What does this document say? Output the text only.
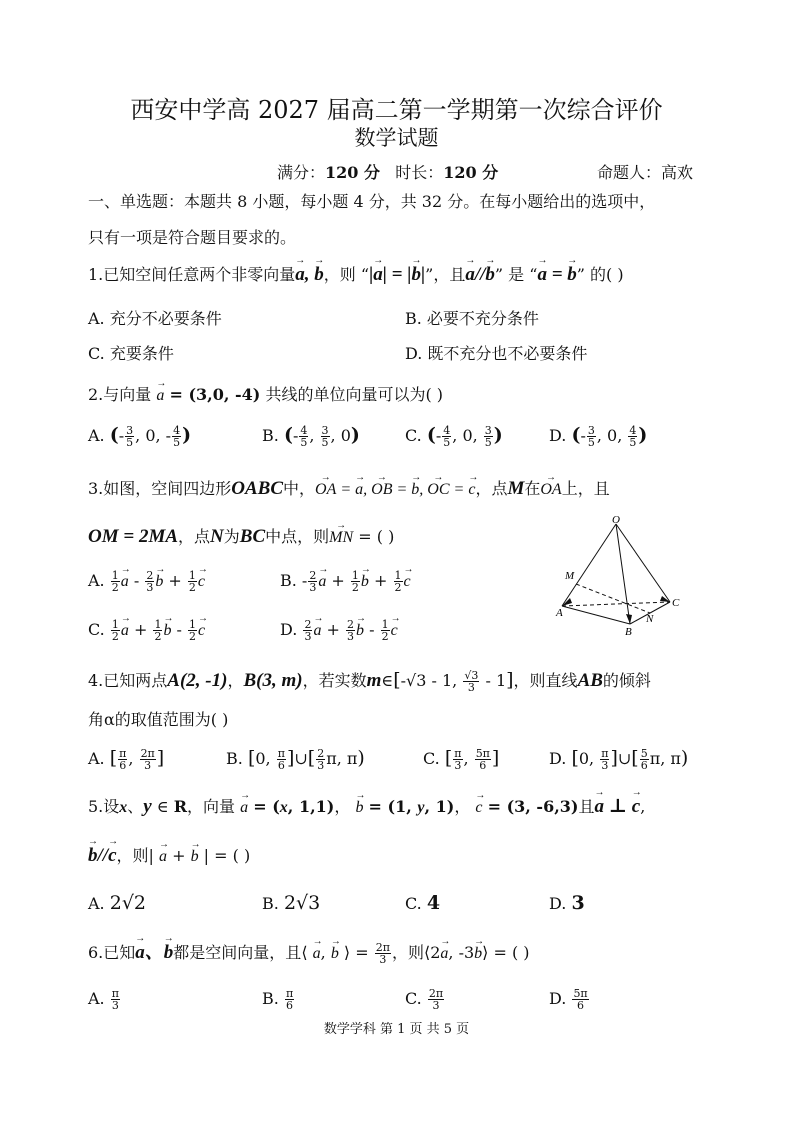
西安中学高 2027 届高二第一学期第一次综合评价
数学试题
满分：120 分 时长：120 分	命题人：高欢
一、单选题：本题共 8 小题，每小题 4 分，共 32 分。在每小题给出的选项中，
只有一项是符合题目要求的。
1.已知空间任意两个非零向量→ a, → b，则 “|→ a| = |→ b|”，且→ a//→ b” 是 “→ a = → b” 的( )
A. 充分不必要条件	B. 必要不充分条件
C. 充要条件	D. 既不充分也不必要条件
2.与向量 → a = (3,0, -4) 共线的单位向量可以为( )
A. (- $\frac{3}{5}$ , 0, - $\frac{4}{5}$ )	B. (- $\frac{4}{5}$ , $\frac{3}{5}$ , 0)	C. (- $\frac{4}{5}$ , 0, $\frac{3}{5}$ )	D. (- $\frac{3}{5}$ , 0, $\frac{4}{5}$ )
3.如图，空间四边形OABC中，→ OA = → a, → OB = → b, → OC = → c，点M在→ OA上，且
OM = 2MA，点N为BC中点，则→ MN = ( )
A. $\frac{1}{2}$
→ a - $\frac{2}{3}$
→ $b + \frac{1}{2}$
→ c	B. - $\frac{2}{3}$
→ $a + \frac{1}{2}$
→ $b + \frac{1}{2}$
→ c
C. $\frac{1}{2}$
→ $a + \frac{1}{2}$
→ b - $\frac{1}{2}$
→ c	D. $\frac{2}{3}$
→ $a + \frac{2}{3}$
→ b - $\frac{1}{2}$
→ c
O
M
A
B
N
C
4.已知两点A(2, -1)，B(3, m)，若实数m∈[-√3 - 1, $\frac{√3}{3} - 1$]，则直线AB的倾斜
角α的取值范围为( )
A. [ $\frac{\pi}{6}$ , $\frac{2\pi}{3}$ ]	B. [0, $\frac{\pi}{6}$ ]∪[ $\frac{2}{3} \pi$, π)	C. [ $\frac{\pi}{3}$ , $\frac{5\pi}{6}$ ]	D. [0, $\frac{\pi}{3}$ ]∪[ $\frac{5}{6} \pi$, π)
5.设x、y ∈ R，向量 → a = (x, 1,1)， → b = (1, y, 1)， → c = (3, -6,3)且→ a ⊥ → c,
→ b//→ c，则| → a + → b | = ( )
A. 2√2	B. 2√3	C. 4	D. 3
6.已知→ a、→ b都是空间向量，且⟨ → a, → b ⟩ = $\frac{2\pi}{3}$ ，则⟨2→ a, -3→ b⟩ = ( )
A. $\frac{\pi}{3}$	B. $\frac{\pi}{6}$	C. $\frac{2\pi}{3}$	D. $\frac{5\pi}{6}$
数学学科 第 1 页 共 5 页
